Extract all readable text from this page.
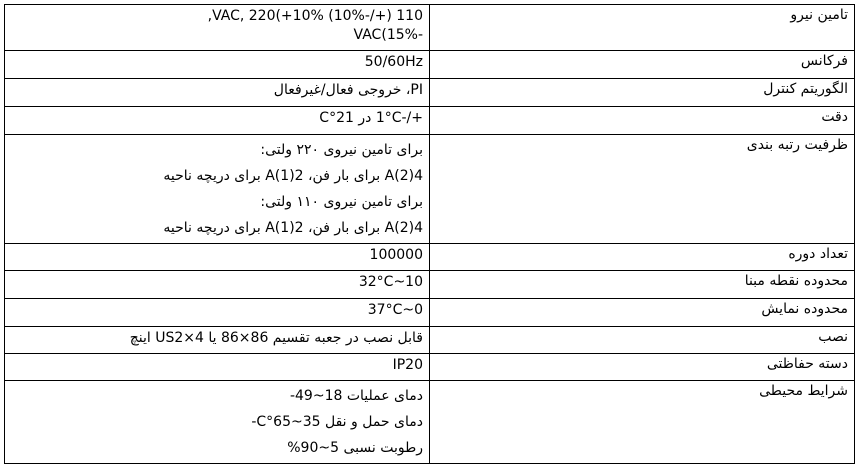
110 (+/-10%) VAC, 220(+10%,
-15%)VAC	تامین نیرو

50/60Hz	فرکانس

PI، خروجی فعال/غیرفعال	الگوریتم کنترل

+/-1°C در 21°C	دقت

برای تامین نیروی ۲۲۰ ولتی:
4(2)A برای بار فن، 2(1)A برای دریچه ناحیه
برای تامین نیروی ۱۱۰ ولتی:
4(2)A برای بار فن، 2(1)A برای دریچه ناحیه	ظرفیت رتبه بندی

100000	تعداد دوره

10~32°C	محدوده نقطه مبنا

0~37°C	محدوده نمایش

قابل نصب در جعبه تقسیم 86×86 یا US2×4 اینچ	نصب

IP20	دسته حفاظتی

دمای عملیات 18~49-
دمای حمل و نقل 35~65°C-
رطوبت نسبی 5~90%	شرایط محیطی
